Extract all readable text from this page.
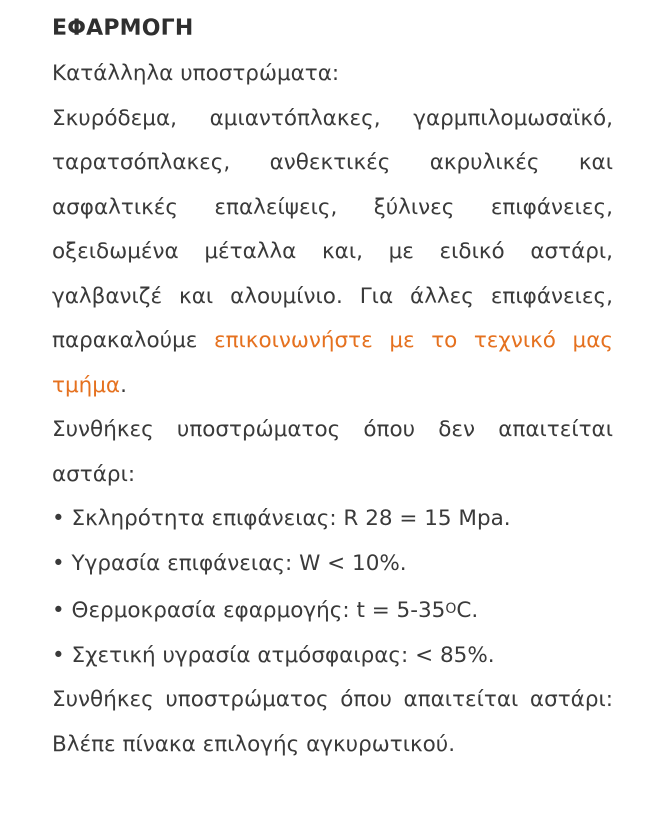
ΕΦΑΡΜΟΓΗ

Κατάλληλα υποστρώματα:

Σκυρόδεμα, αμιαντόπλακες, γαρμπιλομωσαϊκό, ταρατσόπλακες, ανθεκτικές ακρυλικές και ασφαλτικές επαλείψεις, ξύλινες επιφάνειες, οξειδωμένα μέταλλα και, με ειδικό αστάρι, γαλβανιζέ και αλουμίνιο. Για άλλες επιφάνειες, παρακαλούμε επικοινωνήστε με το τεχνικό μας τμήμα.

Συνθήκες υποστρώματος όπου δεν απαιτείται αστάρι:

• Σκληρότητα επιφάνειας: R 28 = 15 Mpa.

• Υγρασία επιφάνειας: W < 10%.

• Θερμοκρασία εφαρμογής: $t = 5-35^OC$.

• Σχετική υγρασία ατμόσφαιρας: < 85%.

Συνθήκες υποστρώματος όπου απαιτείται αστάρι: Βλέπε πίνακα επιλογής αγκυρωτικού.
